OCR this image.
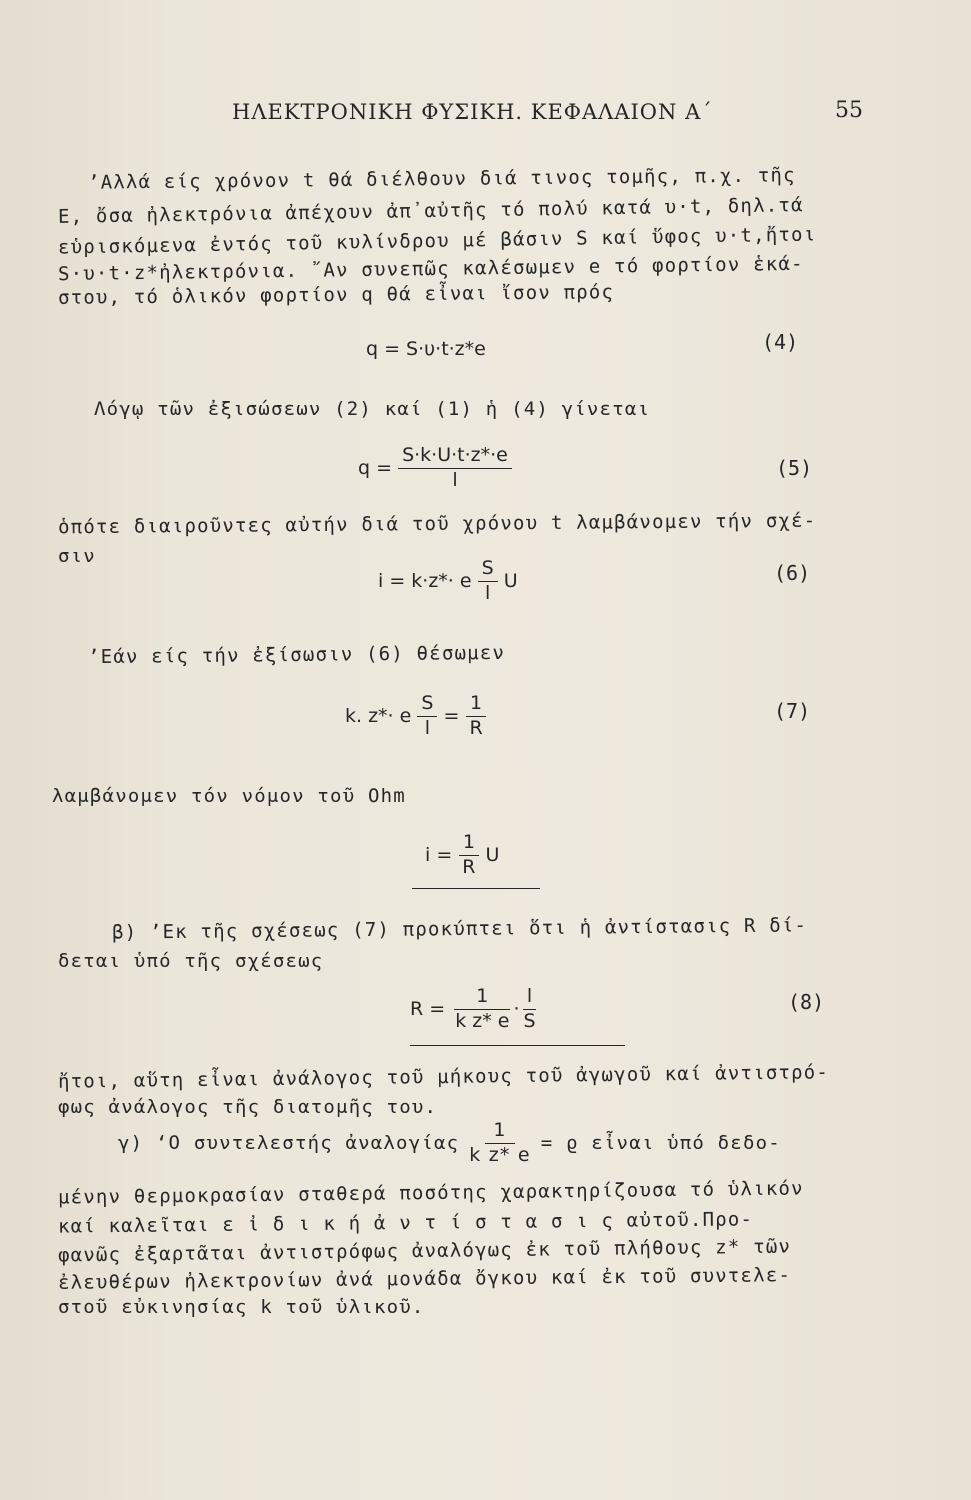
ΗΛΕΚΤΡΟΝΙΚΗ ΦΥΣΙΚΗ. ΚΕΦΑΛΑΙΟΝ Α΄	55
’Αλλά είς χρόνον t θά διέλθουν διά τινος τομῆς, π.χ. τῆς
Ε, ὄσα ἠλεκτρόνια ἀπέχουν ἀπ᾽αὐτῆς τό πολύ κατά υ·t, δηλ.τά
εὑρισκόμενα ἐντός τοῦ κυλίνδρου μέ βάσιν S καί ὕφος υ·t,ἤτοι
S·υ·t·z*ἠλεκτρόνια. ῎Αν συνεπῶς καλέσωμεν e τό φορτίον ἑκά-
στου, τό ὁλικόν φορτίον q θά εἶναι ἴσον πρός
q = S·υ·t·z*e	(4)
Λόγῳ τῶν ἐξισώσεων (2) καί (1) ἡ (4) γίνεται
$q = \frac{S\cdot k\cdot U\cdot t\cdot z*\cdot e}{l}$	(5)
ὁπότε διαιροῦντες αὐτήν διά τοῦ χρόνου t λαμβάνομεν τήν σχέ-
σιν
i = k·z*· e $\frac{S}{l}$ U	(6)
’Εάν είς τήν ἐξίσωσιν (6) θέσωμεν
k. z*· e $\frac{S}{l} = \frac{1}{R}$	(7)
λαμβάνομεν τόν νόμον τοῦ Ohm
$i = \frac{1}{R}$ U
β) ’Εκ τῆς σχέσεως (7) προκύπτει ὅτι ἡ ἀντίστασις R δί-
δεται ὑπό τῆς σχέσεως
$R = \frac{1}{\text{k z* e}} \cdot \frac{l}{S}$	(8)
ἤτοι, αὕτη εἶναι ἀνάλογος τοῦ μήκους τοῦ ἀγωγοῦ καί ἀντιστρό-
φως ἀνάλογος τῆς διατομῆς του.
γ) ‘Ο συντελεστής ἀναλογίας $\frac{1}{\text{k z* e}} = ϱ$ εἶναι ὑπό δεδο-
μένην θερμοκρασίαν σταθερά ποσότης χαρακτηρίζουσα τό ὑλικόν
καί καλεῖται ε ἰ δ ι κ ή ἀ ν τ ί σ τ α σ ι ς αὐτοῦ.Προ-
φανῶς ἐξαρτᾶται ἀντιστρόφως ἀναλόγως ἐκ τοῦ πλήθους z* τῶν
ἐλευθέρων ἠλεκτρονίων ἀνά μονάδα ὄγκου καί ἐκ τοῦ συντελε-
στοῦ εὐκινησίας k τοῦ ὑλικοῦ.
